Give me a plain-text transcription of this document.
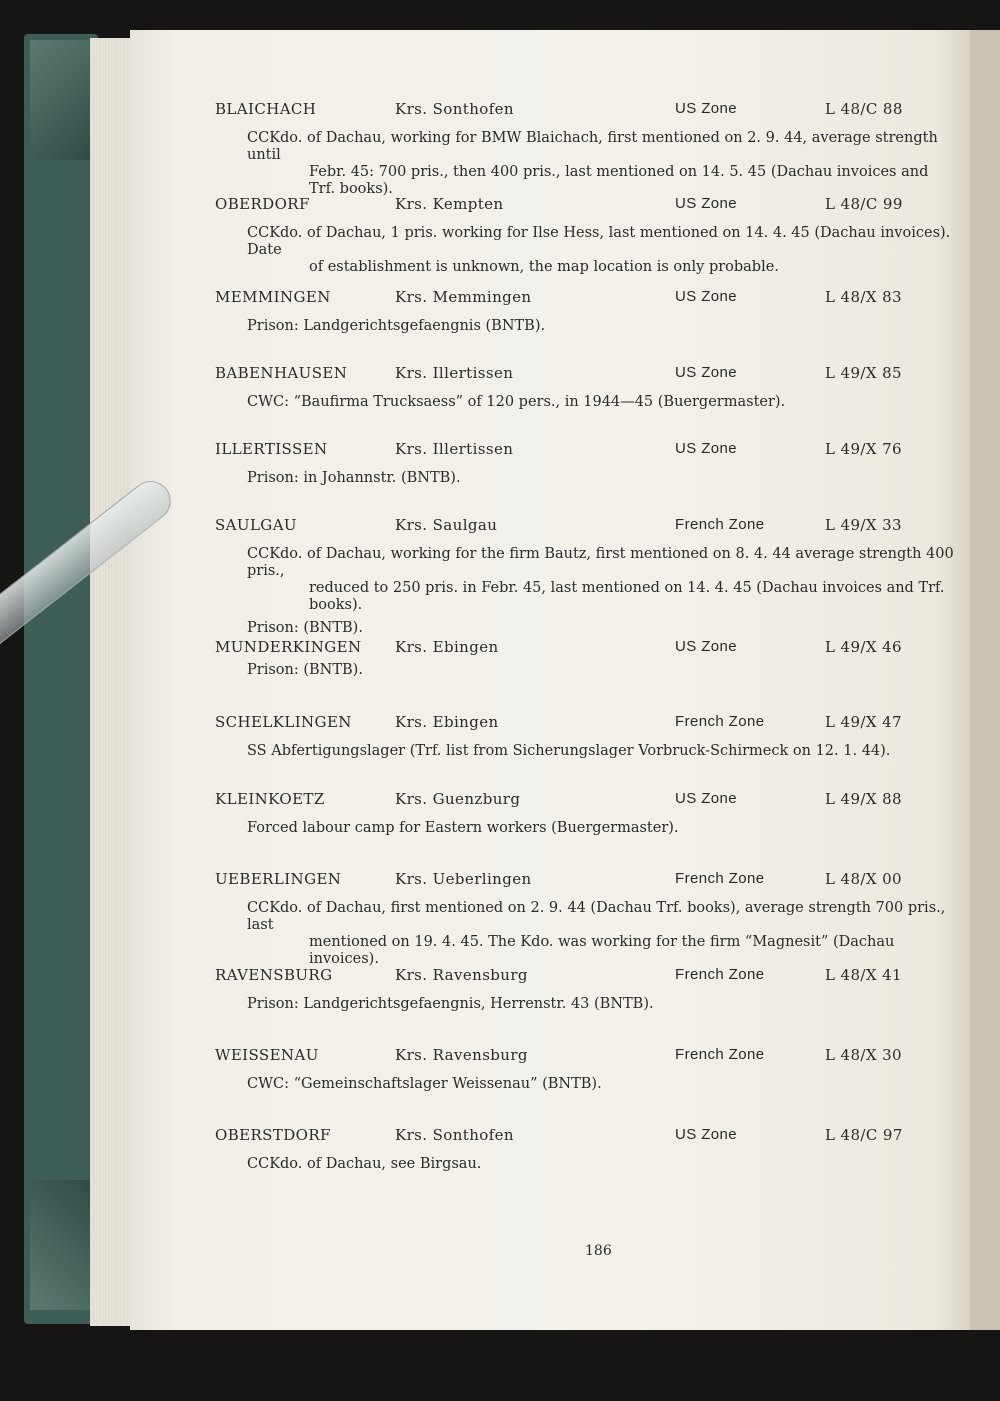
BLAICHACH	Krs. Sonthofen	US Zone	L 48/C 88
CCKdo. of Dachau, working for BMW Blaichach, first mentioned on 2. 9. 44, average strength until
Febr. 45: 700 pris., then 400 pris., last mentioned on 14. 5. 45 (Dachau invoices and Trf. books).
OBERDORF	Krs. Kempten	US Zone	L 48/C 99
CCKdo. of Dachau, 1 pris. working for Ilse Hess, last mentioned on 14. 4. 45 (Dachau invoices). Date
of establishment is unknown, the map location is only probable.
MEMMINGEN	Krs. Memmingen	US Zone	L 48/X 83
Prison: Landgerichtsgefaengnis (BNTB).
BABENHAUSEN	Krs. Illertissen	US Zone	L 49/X 85
CWC: “Baufirma Trucksaess” of 120 pers., in 1944—45 (Buergermaster).
ILLERTISSEN	Krs. Illertissen	US Zone	L 49/X 76
Prison: in Johannstr. (BNTB).
SAULGAU	Krs. Saulgau	French Zone	L 49/X 33
CCKdo. of Dachau, working for the firm Bautz, first mentioned on 8. 4. 44 average strength 400 pris.,
reduced to 250 pris. in Febr. 45, last mentioned on 14. 4. 45 (Dachau invoices and Trf. books).
Prison: (BNTB).
MUNDERKINGEN Krs. Ebingen	US Zone	L 49/X 46
Prison: (BNTB).
SCHELKLINGEN	Krs. Ebingen	French Zone	L 49/X 47
SS Abfertigungslager (Trf. list from Sicherungslager Vorbruck-Schirmeck on 12. 1. 44).
KLEINKOETZ	Krs. Guenzburg	US Zone	L 49/X 88
Forced labour camp for Eastern workers (Buergermaster).
UEBERLINGEN	Krs. Ueberlingen	French Zone	L 48/X 00
CCKdo. of Dachau, first mentioned on 2. 9. 44 (Dachau Trf. books), average strength 700 pris., last
mentioned on 19. 4. 45. The Kdo. was working for the firm “Magnesit” (Dachau invoices).
RAVENSBURG	Krs. Ravensburg	French Zone	L 48/X 41
Prison: Landgerichtsgefaengnis, Herrenstr. 43 (BNTB).
WEISSENAU	Krs. Ravensburg	French Zone	L 48/X 30
CWC: “Gemeinschaftslager Weissenau” (BNTB).
OBERSTDORF	Krs. Sonthofen	US Zone	L 48/C 97
CCKdo. of Dachau, see Birgsau.
186
